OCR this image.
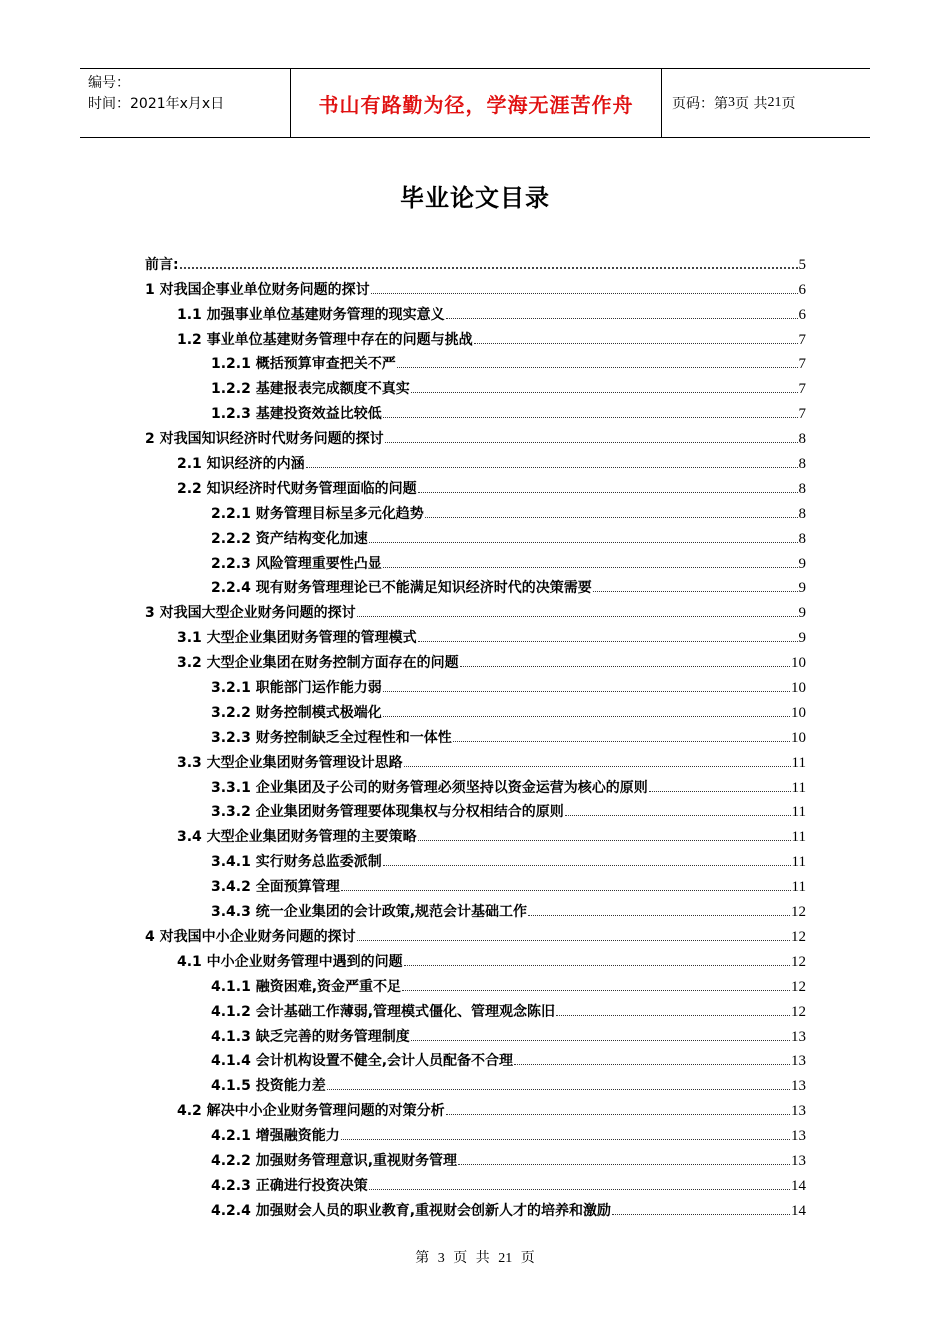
编号：
时间：2021年x月x日	书山有路勤为径，学海无涯苦作舟	页码：第 3 页 共 21 页
毕业论文目录
前言:	5
1 对我国企事业单位财务问题的探讨	6
1.1 加强事业单位基建财务管理的现实意义	6
1.2 事业单位基建财务管理中存在的问题与挑战	7
1.2.1 概括预算审查把关不严	7
1.2.2 基建报表完成额度不真实	7
1.2.3 基建投资效益比较低	7
2 对我国知识经济时代财务问题的探讨	8
2.1 知识经济的内涵	8
2.2 知识经济时代财务管理面临的问题	8
2.2.1 财务管理目标呈多元化趋势	8
2.2.2 资产结构变化加速	8
2.2.3 风险管理重要性凸显	9
2.2.4 现有财务管理理论已不能满足知识经济时代的决策需要	9
3 对我国大型企业财务问题的探讨	9
3.1 大型企业集团财务管理的管理模式	9
3.2 大型企业集团在财务控制方面存在的问题	10
3.2.1 职能部门运作能力弱	10
3.2.2 财务控制模式极端化	10
3.2.3 财务控制缺乏全过程性和一体性	10
3.3 大型企业集团财务管理设计思路	11
3.3.1 企业集团及子公司的财务管理必须坚持以资金运营为核心的原则	11
3.3.2 企业集团财务管理要体现集权与分权相结合的原则	11
3.4 大型企业集团财务管理的主要策略	11
3.4.1 实行财务总监委派制	11
3.4.2 全面预算管理	11
3.4.3 统一企业集团的会计政策,规范会计基础工作	12
4 对我国中小企业财务问题的探讨	12
4.1 中小企业财务管理中遇到的问题	12
4.1.1 融资困难,资金严重不足	12
4.1.2 会计基础工作薄弱,管理模式僵化、管理观念陈旧	12
4.1.3 缺乏完善的财务管理制度	13
4.1.4 会计机构设置不健全,会计人员配备不合理	13
4.1.5 投资能力差	13
4.2 解决中小企业财务管理问题的对策分析	13
4.2.1 增强融资能力	13
4.2.2 加强财务管理意识,重视财务管理	13
4.2.3 正确进行投资决策	14
4.2.4 加强财会人员的职业教育,重视财会创新人才的培养和激励	14
第 3 页 共 21 页
